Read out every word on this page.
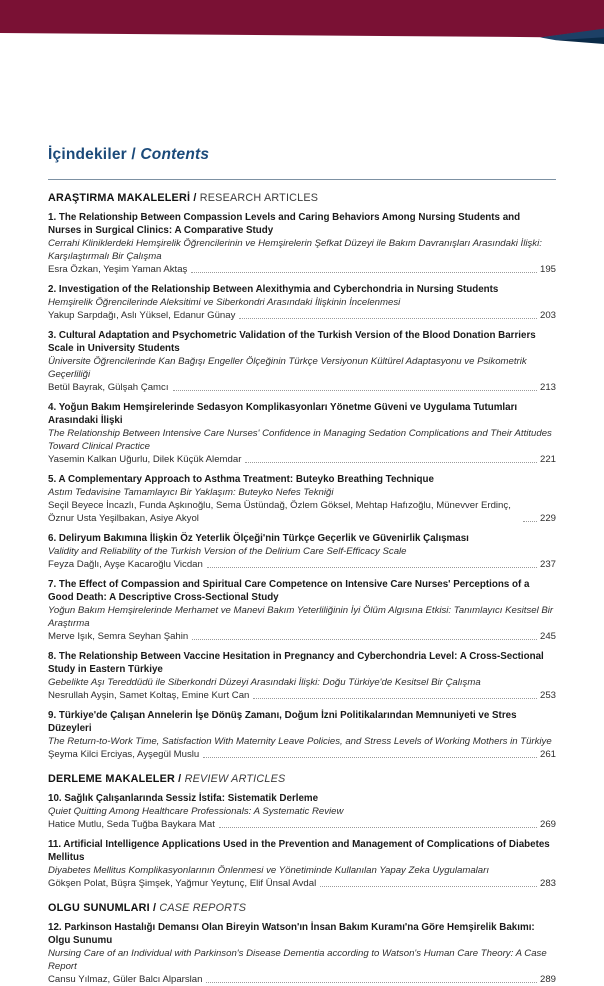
İçindekiler / Contents
ARAŞTIRMA MAKALELERİ / RESEARCH ARTICLES
1. The Relationship Between Compassion Levels and Caring Behaviors Among Nursing Students and Nurses in Surgical Clinics: A Comparative Study
Cerrahi Kliniklerdeki Hemşirelik Öğrencilerinin ve Hemşirelerin Şefkat Düzeyi ile Bakım Davranışları Arasındaki İlişki: Karşılaştırmalı Bir Çalışma
Esra Özkan, Yeşim Yaman Aktaş	195
2. Investigation of the Relationship Between Alexithymia and Cyberchondria in Nursing Students
Hemşirelik Öğrencilerinde Aleksitimi ve Siberkondri Arasındaki İlişkinin İncelenmesi
Yakup Sarpdağı, Aslı Yüksel, Edanur Günay	203
3. Cultural Adaptation and Psychometric Validation of the Turkish Version of the Blood Donation Barriers Scale in University Students
Üniversite Öğrencilerinde Kan Bağışı Engeller Ölçeğinin Türkçe Versiyonun Kültürel Adaptasyonu ve Psikometrik Geçerliliği
Betül Bayrak, Gülşah Çamcı	213
4. Yoğun Bakım Hemşirelerinde Sedasyon Komplikasyonları Yönetme Güveni ve Uygulama Tutumları Arasındaki İlişki
The Relationship Between Intensive Care Nurses' Confidence in Managing Sedation Complications and Their Attitudes Toward Clinical Practice
Yasemin Kalkan Uğurlu, Dilek Küçük Alemdar	221
5. A Complementary Approach to Asthma Treatment: Buteyko Breathing Technique
Astım Tedavisine Tamamlayıcı Bir Yaklaşım: Buteyko Nefes Tekniği
Seçil Beyece İncazlı, Funda Aşkınoğlu, Sema Üstündağ, Özlem Göksel, Mehtap Hafızoğlu, Münevver Erdinç, Öznur Usta Yeşilbakan, Asiye Akyol	229
6. Deliryum Bakımına İlişkin Öz Yeterlik Ölçeği'nin Türkçe Geçerlik ve Güvenirlik Çalışması
Validity and Reliability of the Turkish Version of the Delirium Care Self-Efficacy Scale
Feyza Dağlı, Ayşe Kacaroğlu Vicdan	237
7. The Effect of Compassion and Spiritual Care Competence on Intensive Care Nurses' Perceptions of a Good Death: A Descriptive Cross-Sectional Study
Yoğun Bakım Hemşirelerinde Merhamet ve Manevi Bakım Yeterliliğinin İyi Ölüm Algısına Etkisi: Tanımlayıcı Kesitsel Bir Araştırma
Merve Işık, Semra Seyhan Şahin	245
8. The Relationship Between Vaccine Hesitation in Pregnancy and Cyberchondria Level: A Cross-Sectional Study in Eastern Türkiye
Gebelikte Aşı Tereddüdü ile Siberkondri Düzeyi Arasındaki İlişki: Doğu Türkiye'de Kesitsel Bir Çalışma
Nesrullah Ayşin, Samet Koltaş, Emine Kurt Can	253
9. Türkiye'de Çalışan Annelerin İşe Dönüş Zamanı, Doğum İzni Politikalarından Memnuniyeti ve Stres Düzeyleri
The Return-to-Work Time, Satisfaction With Maternity Leave Policies, and Stress Levels of Working Mothers in Türkiye
Şeyma Kilci Erciyas, Ayşegül Muslu	261
DERLEME MAKALELER / REVIEW ARTICLES
10. Sağlık Çalışanlarında Sessiz İstifa: Sistematik Derleme
Quiet Quitting Among Healthcare Professionals: A Systematic Review
Hatice Mutlu, Seda Tuğba Baykara Mat	269
11. Artificial Intelligence Applications Used in the Prevention and Management of Complications of Diabetes Mellitus
Diyabetes Mellitus Komplikasyonlarının Önlenmesi ve Yönetiminde Kullanılan Yapay Zeka Uygulamaları
Gökşen Polat, Büşra Şimşek, Yağmur Yeytunç, Elif Ünsal Avdal	283
OLGU SUNUMLARI / CASE REPORTS
12. Parkinson Hastalığı Demansı Olan Bireyin Watson'ın İnsan Bakım Kuramı'na Göre Hemşirelik Bakımı: Olgu Sunumu
Nursing Care of an Individual with Parkinson's Disease Dementia according to Watson's Human Care Theory: A Case Report
Cansu Yılmaz, Güler Balcı Alparslan	289
